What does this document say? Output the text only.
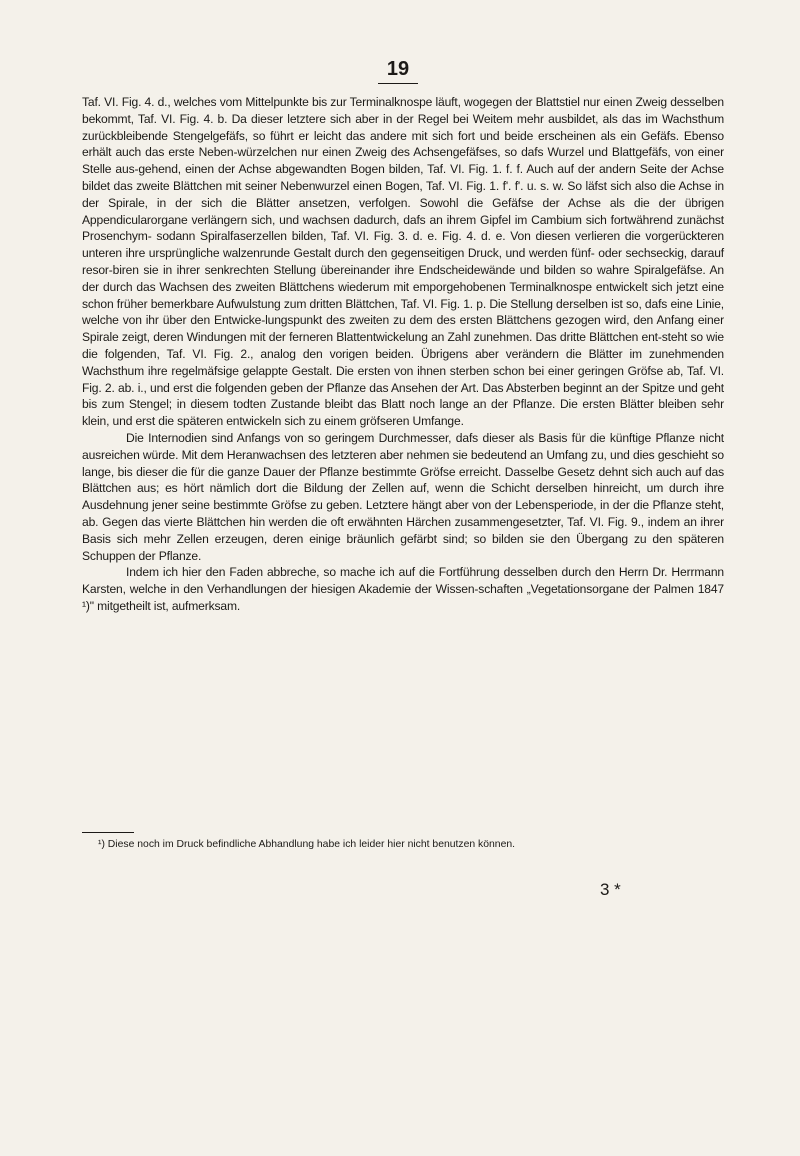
19

Taf. VI. Fig. 4. d., welches vom Mittelpunkte bis zur Terminalknospe läuft, wogegen der Blattstiel nur einen Zweig desselben bekommt, Taf. VI. Fig. 4. b. Da dieser letztere sich aber in der Regel bei Weitem mehr ausbildet, als das im Wachsthum zurückbleibende Stengelgefäfs, so führt er leicht das andere mit sich fort und beide erscheinen als ein Gefäfs. Ebenso erhält auch das erste Neben-würzelchen nur einen Zweig des Achsengefäfses, so dafs Wurzel und Blattgefäfs, von einer Stelle aus-gehend, einen der Achse abgewandten Bogen bilden, Taf. VI. Fig. 1. f. f. Auch auf der andern Seite der Achse bildet das zweite Blättchen mit seiner Nebenwurzel einen Bogen, Taf. VI. Fig. 1. f'. f'. u. s. w. So läfst sich also die Achse in der Spirale, in der sich die Blätter ansetzen, verfolgen. Sowohl die Gefäfse der Achse als die der übrigen Appendicularorgane verlängern sich, und wachsen dadurch, dafs an ihrem Gipfel im Cambium sich fortwährend zunächst Prosenchym- sodann Spiralfaserzellen bilden, Taf. VI. Fig. 3. d. e. Fig. 4. d. e. Von diesen verlieren die vorgerückteren unteren ihre ursprüngliche walzenrunde Gestalt durch den gegenseitigen Druck, und werden fünf- oder sechseckig, darauf resor-biren sie in ihrer senkrechten Stellung übereinander ihre Endscheidewände und bilden so wahre Spiralgefäfse. An der durch das Wachsen des zweiten Blättchens wiederum mit emporgehobenen Terminalknospe entwickelt sich jetzt eine schon früher bemerkbare Aufwulstung zum dritten Blättchen, Taf. VI. Fig. 1. p. Die Stellung derselben ist so, dafs eine Linie, welche von ihr über den Entwicke-lungspunkt des zweiten zu dem des ersten Blättchens gezogen wird, den Anfang einer Spirale zeigt, deren Windungen mit der ferneren Blattentwickelung an Zahl zunehmen. Das dritte Blättchen ent-steht so wie die folgenden, Taf. VI. Fig. 2., analog den vorigen beiden. Übrigens aber verändern die Blätter im zunehmenden Wachsthum ihre regelmäfsige gelappte Gestalt. Die ersten von ihnen sterben schon bei einer geringen Gröfse ab, Taf. VI. Fig. 2. ab. i., und erst die folgenden geben der Pflanze das Ansehen der Art. Das Absterben beginnt an der Spitze und geht bis zum Stengel; in diesem todten Zustande bleibt das Blatt noch lange an der Pflanze. Die ersten Blätter bleiben sehr klein, und erst die späteren entwickeln sich zu einem gröfseren Umfange.

Die Internodien sind Anfangs von so geringem Durchmesser, dafs dieser als Basis für die künftige Pflanze nicht ausreichen würde. Mit dem Heranwachsen des letzteren aber nehmen sie bedeutend an Umfang zu, und dies geschieht so lange, bis dieser die für die ganze Dauer der Pflanze bestimmte Gröfse erreicht. Dasselbe Gesetz dehnt sich auch auf das Blättchen aus; es hört nämlich dort die Bildung der Zellen auf, wenn die Schicht derselben hinreicht, um durch ihre Ausdehnung jener seine bestimmte Gröfse zu geben. Letztere hängt aber von der Lebensperiode, in der die Pflanze steht, ab. Gegen das vierte Blättchen hin werden die oft erwähnten Härchen zusammengesetzter, Taf. VI. Fig. 9., indem an ihrer Basis sich mehr Zellen erzeugen, deren einige bräunlich gefärbt sind; so bilden sie den Übergang zu den späteren Schuppen der Pflanze.

Indem ich hier den Faden abbreche, so mache ich auf die Fortführung desselben durch den Herrn Dr. Herrmann Karsten, welche in den Verhandlungen der hiesigen Akademie der Wissen-schaften „Vegetationsorgane der Palmen 1847 ¹)" mitgetheilt ist, aufmerksam.

¹) Diese noch im Druck befindliche Abhandlung habe ich leider hier nicht benutzen können.
3 *
